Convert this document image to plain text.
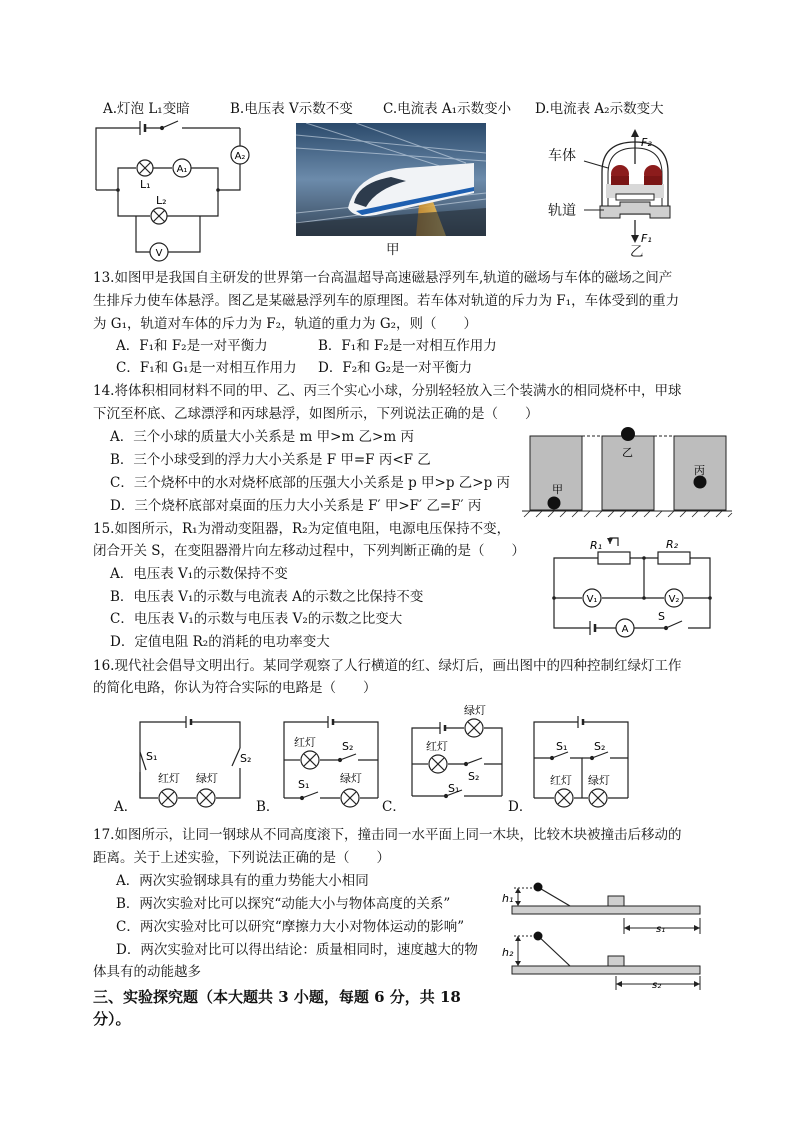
A.灯泡 L₁变暗	B.电压表 V示数不变 C.电流表 A₁示数变小 D.电流表 A₂示数变大
A₁
A₂
V
L₁
L₂
甲
F₂
F₁
车体
轨道
乙
13.如图甲是我国自主研发的世界第一台高温超导高速磁悬浮列车,轨道的磁场与车体的磁场之间产
生排斥力使车体悬浮。图乙是某磁悬浮列车的原理图。若车体对轨道的斥力为 F₁，车体受到的重力
为 G₁，轨道对车体的斥力为 F₂，轨道的重力为 G₂，则（　　）
A．F₁和 F₂是一对平衡力	B．F₁和 F₂是一对相互作用力
C．F₁和 G₁是一对相互作用力 D．F₂和 G₂是一对平衡力
14.将体积相同材料不同的甲、乙、丙三个实心小球，分别轻轻放入三个装满水的相同烧杯中，甲球
下沉至杯底、乙球漂浮和丙球悬浮，如图所示，下列说法正确的是（　　）
A．三个小球的质量大小关系是 m 甲>m 乙>m 丙
B．三个小球受到的浮力大小关系是 F 甲=F 丙<F 乙
C．三个烧杯中的水对烧杯底部的压强大小关系是 p 甲>p 乙>p 丙
D．三个烧杯底部对桌面的压力大小关系是 F′ 甲>F′ 乙=F′ 丙
甲
乙
丙
15.如图所示，R₁为滑动变阻器，R₂为定值电阻，电源电压保持不变，
闭合开关 S，在变阻器滑片向左移动过程中，下列判断正确的是（　　）
A．电压表 V₁的示数保持不变
B．电压表 V₁的示数与电流表 A的示数之比保持不变
C．电压表 V₁的示数与电压表 V₂的示数之比变大
D．定值电阻 R₂的消耗的电功率变大
R₁	R₂
V₁	V₂
A
S
16.现代社会倡导文明出行。某同学观察了人行横道的红、绿灯后，画出图中的四种控制红绿灯工作
的简化电路，你认为符合实际的电路是（　　）
S₁	S₂
红灯 绿灯
A．
红灯 S₂
S₁	绿灯
B．
绿灯
红灯
S₂
S₁
C．
S₁ S₂
红灯 绿灯
D．
17.如图所示，让同一钢球从不同高度滚下，撞击同一水平面上同一木块，比较木块被撞击后移动的
距离。关于上述实验，下列说法正确的是（　　）
A．两次实验钢球具有的重力势能大小相同
B．两次实验对比可以探究“动能大小与物体高度的关系”
C．两次实验对比可以研究“摩擦力大小对物体运动的影响”
D．两次实验对比可以得出结论：质量相同时，速度越大的物
体具有的动能越多
h₁
s₁
h₂
s₂
三、实验探究题（本大题共 3 小题，每题 6 分，共 18
分）。
